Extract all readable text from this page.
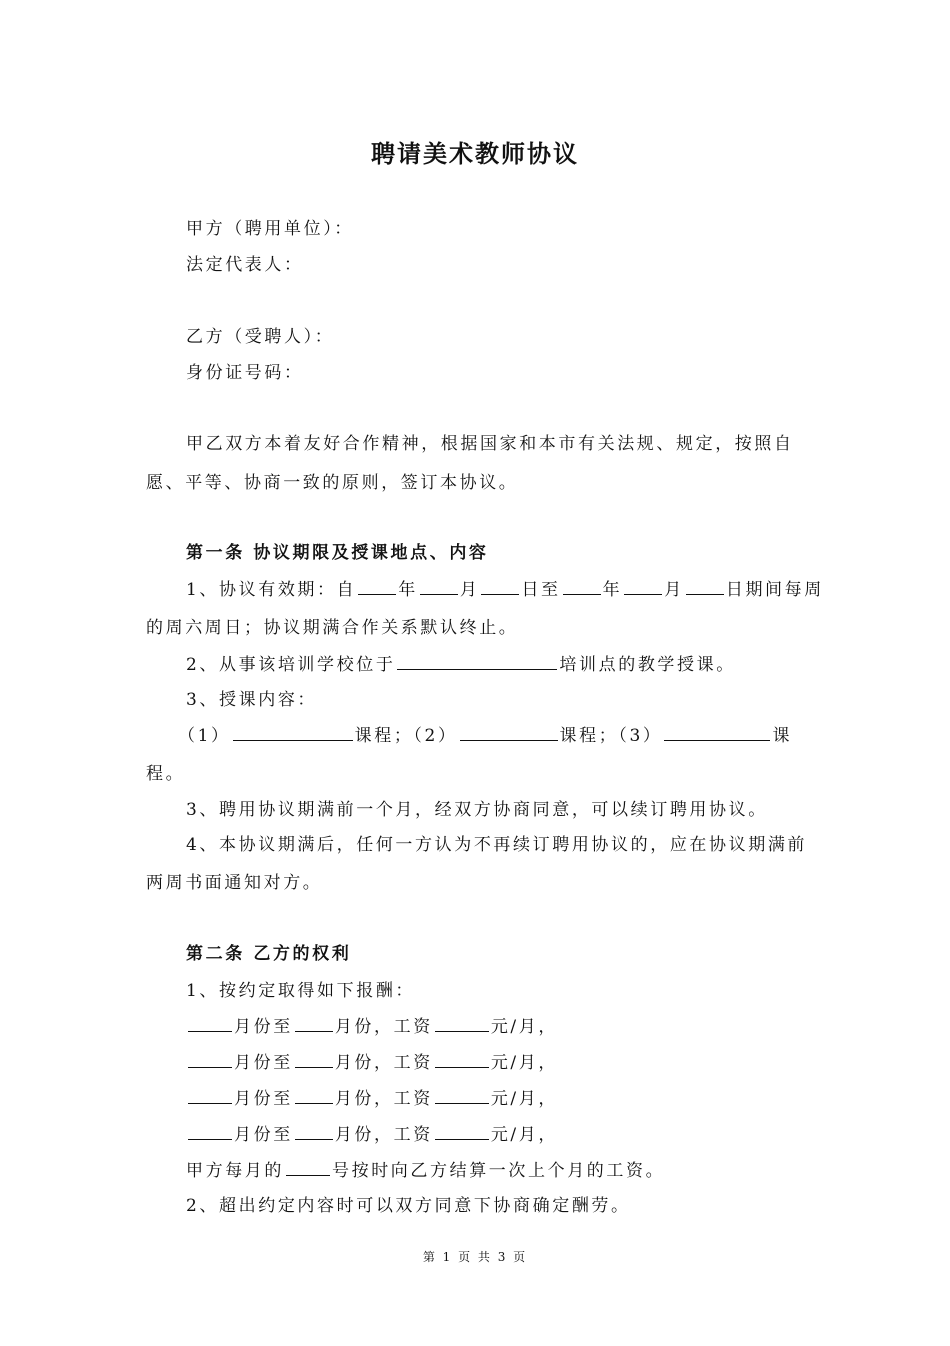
聘请美术教师协议
甲方（聘用单位）：
法定代表人：
乙方（受聘人）：
身份证号码：
甲乙双方本着友好合作精神，根据国家和本市有关法规、规定，按照自
愿、平等、协商一致的原则，签订本协议。
第一条 协议期限及授课地点、内容
1、协议有效期：自 年 月 日至 年 月 日期间每周
的周六周日；协议期满合作关系默认终止。
2、从事该培训学校位于	培训点的教学授课。
3、授课内容：
（1）	课程；（2）	课程；（3）	课
程。
3、聘用协议期满前一个月，经双方协商同意，可以续订聘用协议。
4、本协议期满后，任何一方认为不再续订聘用协议的，应在协议期满前
两周书面通知对方。
第二条 乙方的权利
1、按约定取得如下报酬：
月份至 月份，工资	元/月，
月份至 月份，工资	元/月，
月份至 月份，工资	元/月，
月份至 月份，工资	元/月，
甲方每月的	号按时向乙方结算一次上个月的工资。
2、超出约定内容时可以双方同意下协商确定酬劳。
第 1 页 共 3 页
